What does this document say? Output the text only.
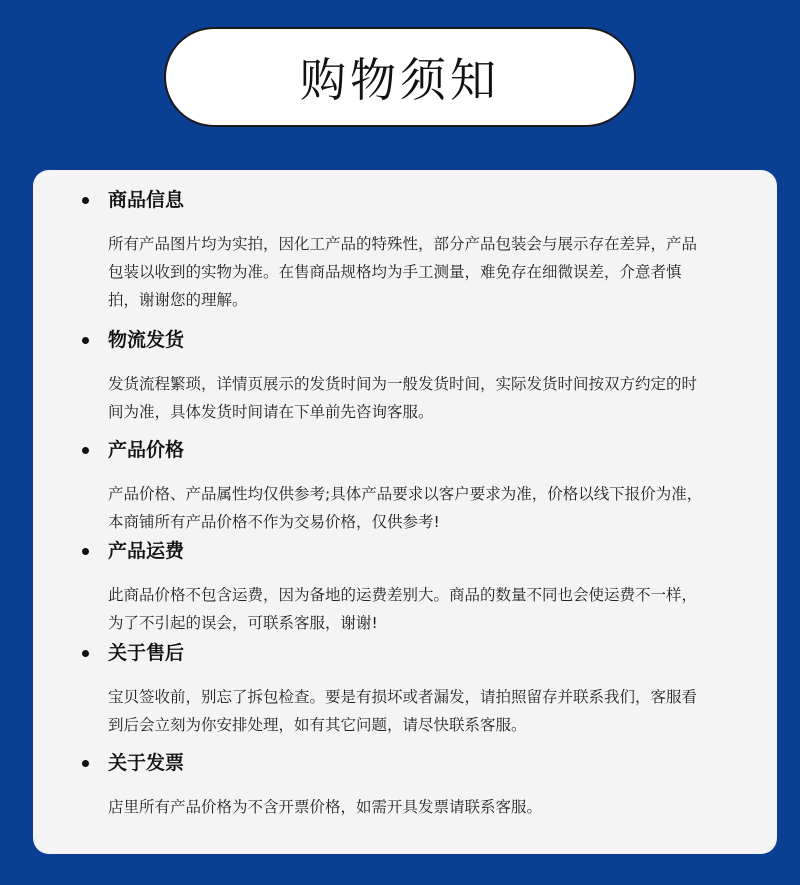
购物须知
商品信息
所有产品图片均为实拍，因化工产品的特殊性，部分产品包装会与展示存在差异，产品包装以收到的实物为准。在售商品规格均为手工测量，难免存在细微误差，介意者慎拍，谢谢您的理解。
物流发货
发货流程繁琐，详情页展示的发货时间为一般发货时间，实际发货时间按双方约定的时间为准，具体发货时间请在下单前先咨询客服。
产品价格
产品价格、产品属性均仅供参考;具体产品要求以客户要求为准，价格以线下报价为准，本商铺所有产品价格不作为交易价格，仅供参考!
产品运费
此商品价格不包含运费，因为备地的运费差别大。商品的数量不同也会使运费不一样，为了不引起的误会，可联系客服，谢谢!
关于售后
宝贝签收前，别忘了拆包检查。要是有损坏或者漏发，请拍照留存并联系我们，客服看到后会立刻为你安排处理，如有其它问题，请尽快联系客服。
关于发票
店里所有产品价格为不含开票价格，如需开具发票请联系客服。
